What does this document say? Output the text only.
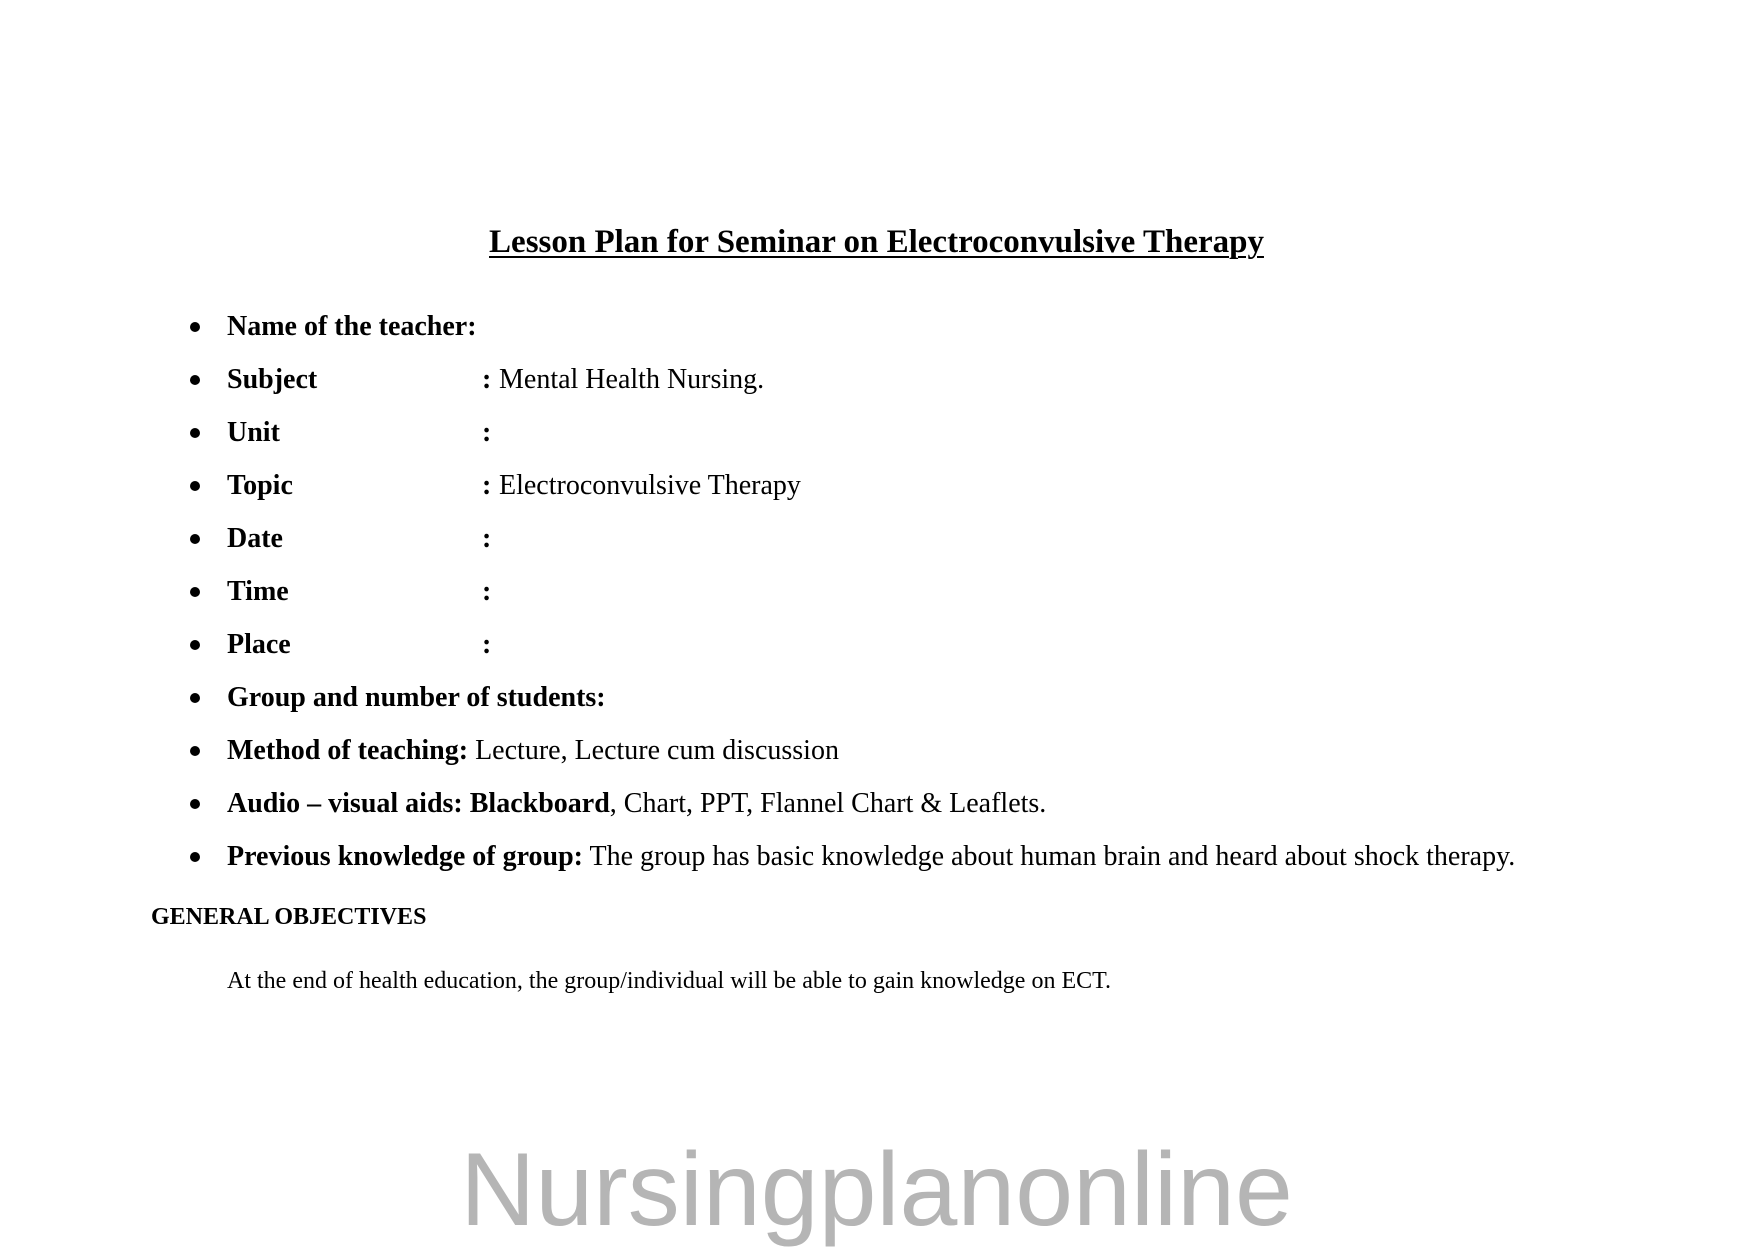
Lesson Plan for Seminar on Electroconvulsive Therapy
Name of the teacher:
Subject	: Mental Health Nursing.
Unit	:
Topic	: Electroconvulsive Therapy
Date	:
Time	:
Place	:
Group and number of students:
Method of teaching: Lecture, Lecture cum discussion
Audio – visual aids: Blackboard, Chart, PPT, Flannel Chart & Leaflets.
Previous knowledge of group: The group has basic knowledge about human brain and heard about shock therapy.
GENERAL OBJECTIVES
At the end of health education, the group/individual will be able to gain knowledge on ECT.
Nursingplanonline
